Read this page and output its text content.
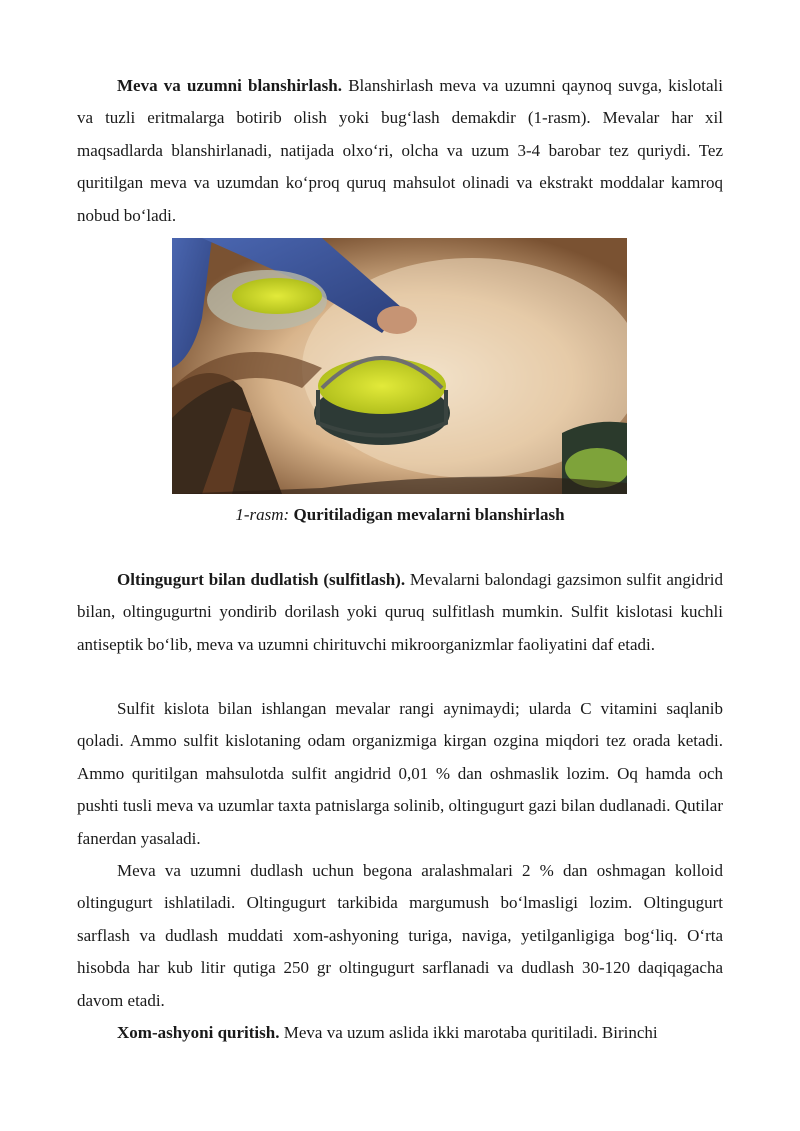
Meva va uzumni blanshirlash. Blanshirlash meva va uzumni qaynoq suvga, kislotali va tuzli eritmalarga botirib olish yoki bug‘lash demakdir (1-rasm). Mevalar har xil maqsadlarda blanshirlanadi, natijada olxo‘ri, olcha va uzum 3-4 barobar tez quriydi. Tez quritilgan meva va uzumdan ko‘proq quruq mahsulot olinadi va ekstrakt moddalar kamroq nobud bo‘ladi.

1-rasm: Quritiladigan mevalarni blanshirlash

Oltingugurt bilan dudlatish (sulfitlash). Mevalarni balondagi gazsimon sulfit angidrid bilan, oltingugurtni yondirib dorilash yoki quruq sulfitlash mumkin. Sulfit kislotasi kuchli antiseptik bo‘lib, meva va uzumni chirituvchi mikroorganizmlar faoliyatini daf etadi.

Sulfit kislota bilan ishlangan mevalar rangi aynimaydi; ularda C vitamini saqlanib qoladi. Ammo sulfit kislotaning odam organizmiga kirgan ozgina miqdori tez orada ketadi. Ammo quritilgan mahsulotda sulfit angidrid 0,01 % dan oshmaslik lozim. Oq hamda och pushti tusli meva va uzumlar taxta patnislarga solinib, oltingugurt gazi bilan dudlanadi. Qutilar fanerdan yasaladi.

Meva va uzumni dudlash uchun begona aralashmalari 2 % dan oshmagan kolloid oltingugurt ishlatiladi. Oltingugurt tarkibida margumush bo‘lmasligi lozim. Oltingugurt sarflash va dudlash muddati xom-ashyoning turiga, naviga, yetilganligiga bog‘liq. O‘rta hisobda har kub litir qutiga 250 gr oltingugurt sarflanadi va dudlash 30-120 daqiqagacha davom etadi.

Xom-ashyoni quritish. Meva va uzum aslida ikki marotaba quritiladi. Birinchi
